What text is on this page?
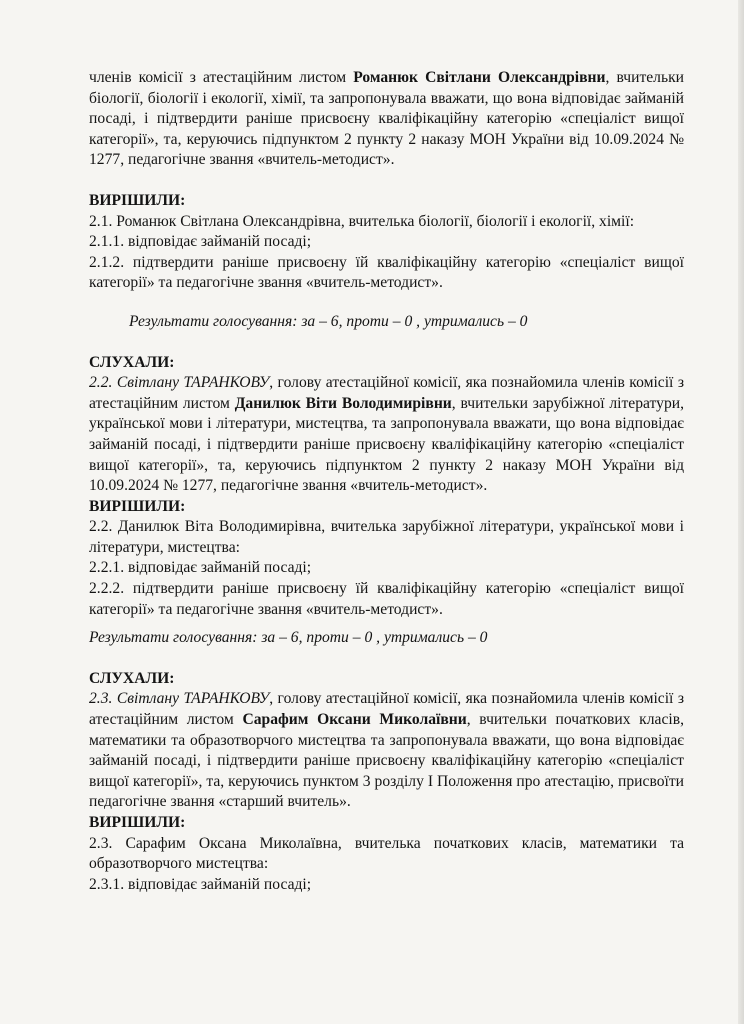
членів комісії з атестаційним листом Романюк Світлани Олександрівни, вчительки біології, біології і екології, хімії, та запропонувала вважати, що вона відповідає займаній посаді, і підтвердити раніше присвоєну кваліфікаційну категорію «спеціаліст вищої категорії», та, керуючись підпунктом 2 пункту 2 наказу МОН України від 10.09.2024 № 1277, педагогічне звання «вчитель-методист».

ВИРІШИЛИ:

2.1. Романюк Світлана Олександрівна, вчителька біології, біології і екології, хімії:

2.1.1. відповідає займаній посаді;

2.1.2. підтвердити раніше присвоєну їй кваліфікаційну категорію «спеціаліст вищої категорії» та педагогічне звання «вчитель-методист».

Результати голосування: за – 6, проти – 0 , утримались – 0

СЛУХАЛИ:

2.2. Світлану ТАРАНКОВУ, голову атестаційної комісії, яка познайомила членів комісії з атестаційним листом Данилюк Віти Володимирівни, вчительки зарубіжної літератури, української мови і літератури, мистецтва, та запропонувала вважати, що вона відповідає займаній посаді, і підтвердити раніше присвоєну кваліфікаційну категорію «спеціаліст вищої категорії», та, керуючись підпунктом 2 пункту 2 наказу МОН України від 10.09.2024 № 1277, педагогічне звання «вчитель-методист».

ВИРІШИЛИ:

2.2. Данилюк Віта Володимирівна, вчителька зарубіжної літератури, української мови і літератури, мистецтва:

2.2.1. відповідає займаній посаді;

2.2.2. підтвердити раніше присвоєну їй кваліфікаційну категорію «спеціаліст вищої категорії» та педагогічне звання «вчитель-методист».

Результати голосування: за – 6, проти – 0 , утримались – 0

СЛУХАЛИ:

2.3. Світлану ТАРАНКОВУ, голову атестаційної комісії, яка познайомила членів комісії з атестаційним листом Сарафим Оксани Миколаївни, вчительки початкових класів, математики та образотворчого мистецтва та запропонувала вважати, що вона відповідає займаній посаді, і підтвердити раніше присвоєну кваліфікаційну категорію «спеціаліст вищої категорії», та, керуючись пунктом 3 розділу І Положення про атестацію, присвоїти педагогічне звання «старший вчитель».

ВИРІШИЛИ:

2.3. Сарафим Оксана Миколаївна, вчителька початкових класів, математики та образотворчого мистецтва:

2.3.1. відповідає займаній посаді;
